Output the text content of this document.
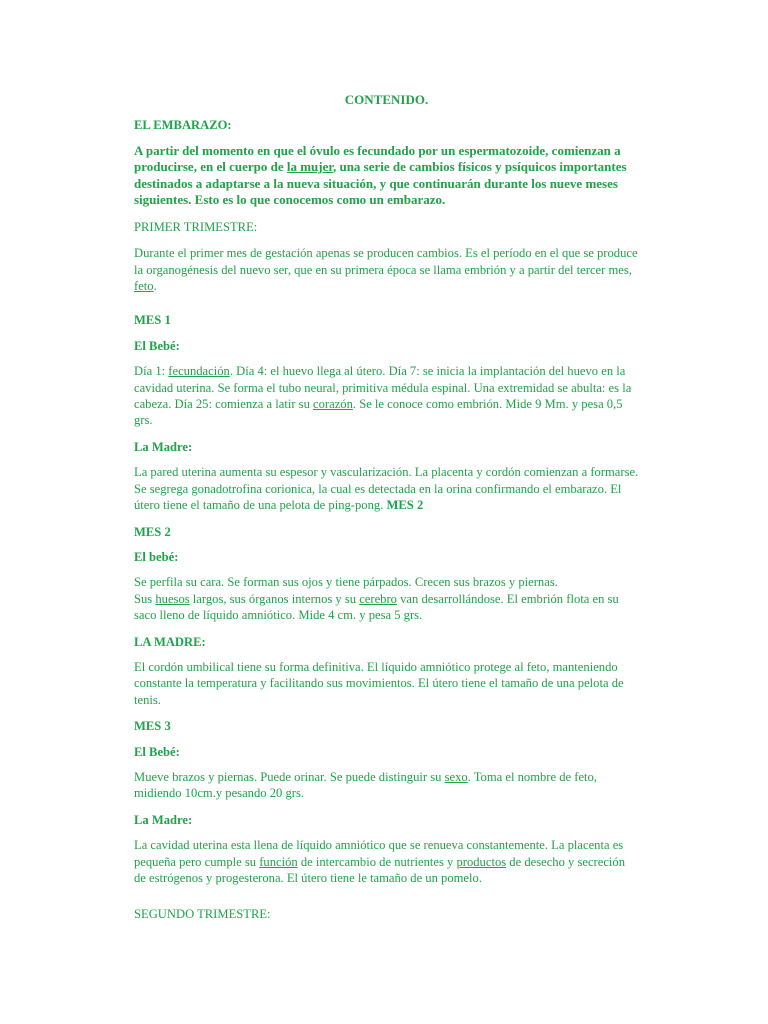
CONTENIDO.
EL EMBARAZO:

A partir del momento en que el óvulo es fecundado por un espermatozoide, comienzan a producirse, en el cuerpo de la mujer, una serie de cambios físicos y psíquicos importantes destinados a adaptarse a la nueva situación, y que continuarán durante los nueve meses siguientes. Esto es lo que conocemos como un embarazo.

PRIMER TRIMESTRE:

Durante el primer mes de gestación apenas se producen cambios. Es el período en el que se produce la organogénesis del nuevo ser, que en su primera época se llama embrión y a partir del tercer mes, feto.

MES 1
El Bebé:

Día 1: fecundación. Día 4: el huevo llega al útero. Día 7: se inicia la implantación del huevo en la cavidad uterina. Se forma el tubo neural, primitiva médula espinal. Una extremidad se abulta: es la cabeza. Día 25: comienza a latir su corazón. Se le conoce como embrión. Mide 9 Mm. y pesa 0,5 grs.

La Madre:

La pared uterina aumenta su espesor y vascularización. La placenta y cordón comienzan a formarse. Se segrega gonadotrofina corionica, la cual es detectada en la orina confirmando el embarazo. El útero tiene el tamaño de una pelota de ping-pong. MES 2

MES 2
El bebé:

Se perfila su cara. Se forman sus ojos y tiene párpados. Crecen sus brazos y piernas.
Sus huesos largos, sus órganos internos y su cerebro van desarrollándose. El embrión flota en su saco lleno de líquido amniótico. Mide 4 cm. y pesa 5 grs.

LA MADRE:

El cordón umbilical tiene su forma definitiva. El líquido amniótico protege al feto, manteniendo constante la temperatura y facilitando sus movimientos. El útero tiene el tamaño de una pelota de tenis.

MES 3
El Bebé:

Mueve brazos y piernas. Puede orinar. Se puede distinguir su sexo. Toma el nombre de feto, midiendo 10cm.y pesando 20 grs.

La Madre:

La cavidad uterina esta llena de líquido amniótico que se renueva constantemente. La placenta es pequeña pero cumple su función de intercambio de nutrientes y productos de desecho y secreción de estrógenos y progesterona. El útero tiene le tamaño de un pomelo.

SEGUNDO TRIMESTRE:
